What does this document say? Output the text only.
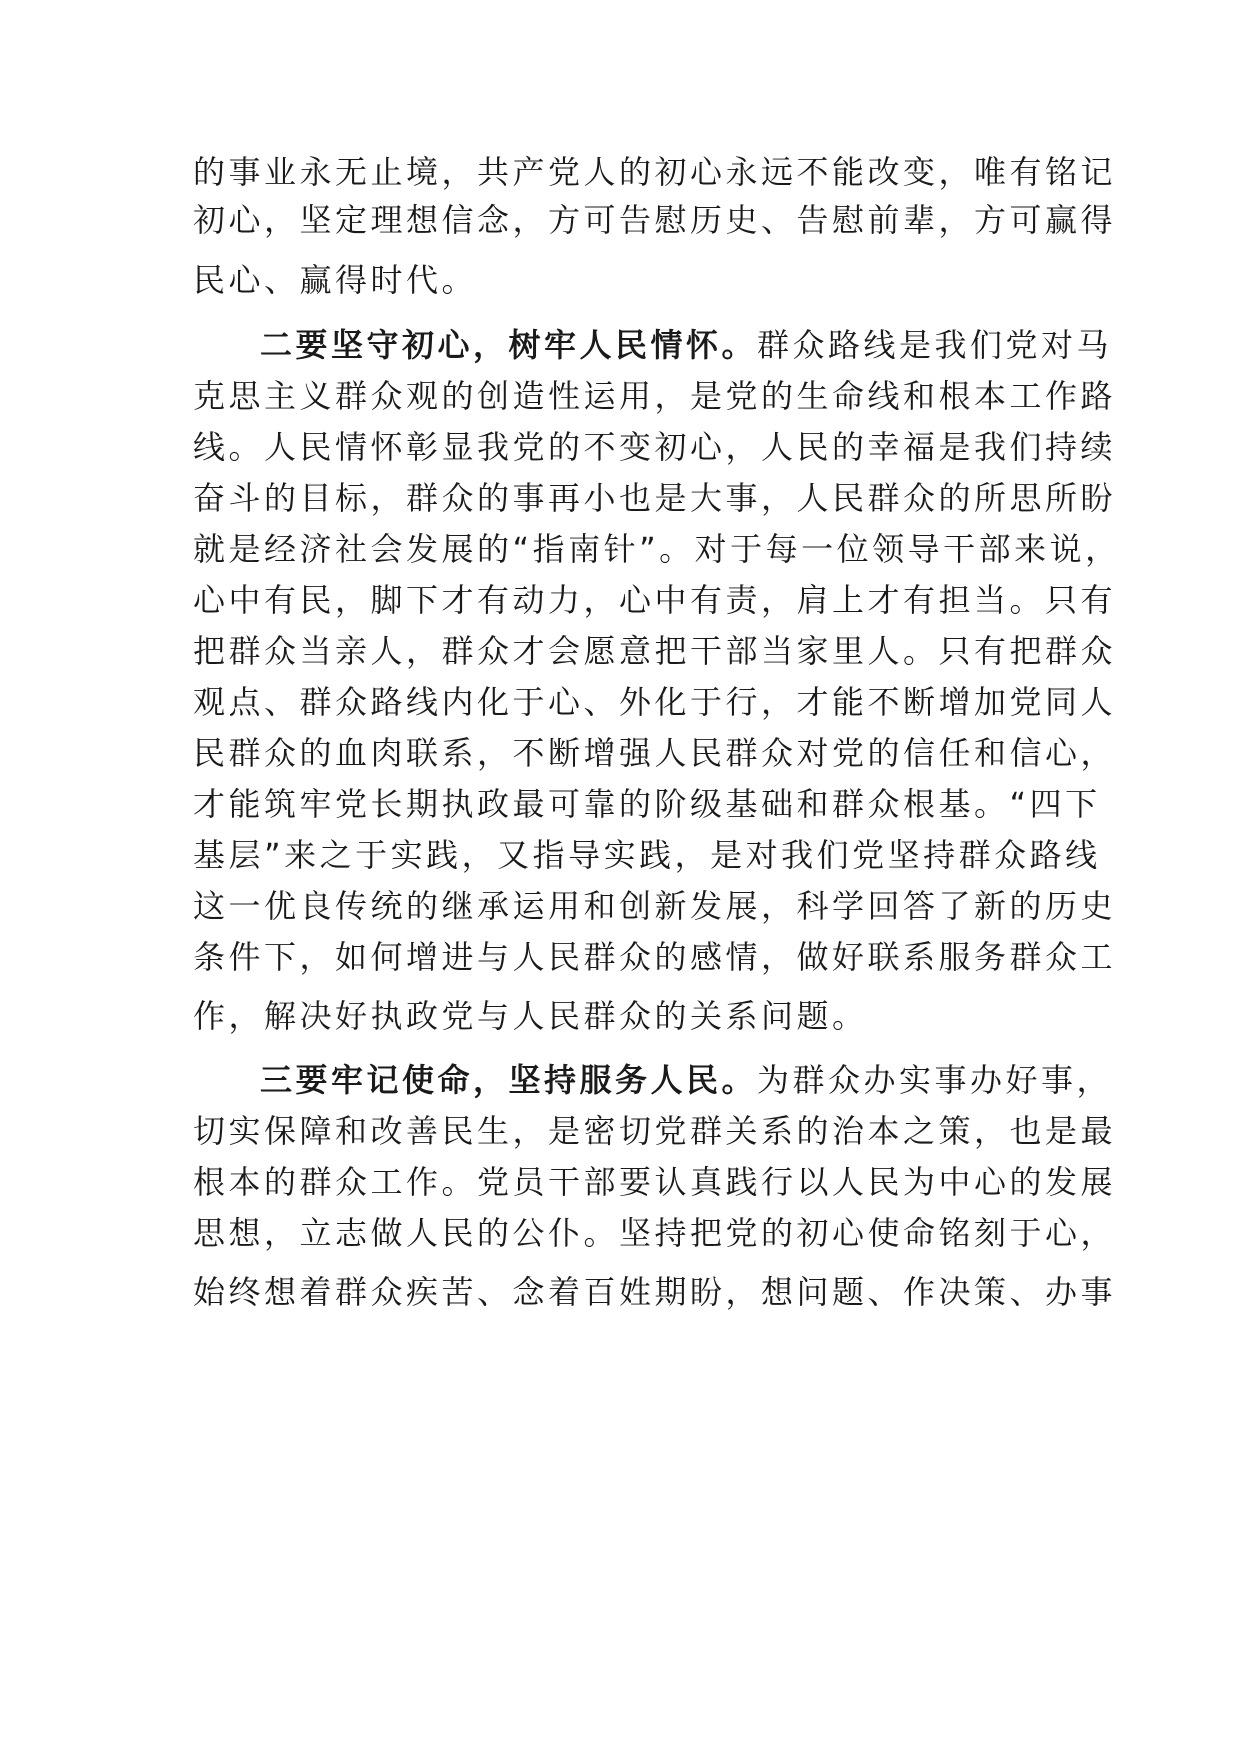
的事业永无止境，共产党人的初心永远不能改变，唯有铭记
初心，坚定理想信念，方可告慰历史、告慰前辈，方可赢得
民心、赢得时代。
二要坚守初心，树牢人民情怀。群众路线是我们党对马
克思主义群众观的创造性运用，是党的生命线和根本工作路
线。人民情怀彰显我党的不变初心，人民的幸福是我们持续
奋斗的目标，群众的事再小也是大事，人民群众的所思所盼
就是经济社会发展的“指南针”。对于每一位领导干部来说，
心中有民，脚下才有动力，心中有责，肩上才有担当。只有
把群众当亲人，群众才会愿意把干部当家里人。只有把群众
观点、群众路线内化于心、外化于行，才能不断增加党同人
民群众的血肉联系，不断增强人民群众对党的信任和信心，
才能筑牢党长期执政最可靠的阶级基础和群众根基。“四下
基层”来之于实践，又指导实践，是对我们党坚持群众路线
这一优良传统的继承运用和创新发展，科学回答了新的历史
条件下，如何增进与人民群众的感情，做好联系服务群众工
作，解决好执政党与人民群众的关系问题。
三要牢记使命，坚持服务人民。为群众办实事办好事，
切实保障和改善民生，是密切党群关系的治本之策，也是最
根本的群众工作。党员干部要认真践行以人民为中心的发展
思想，立志做人民的公仆。坚持把党的初心使命铭刻于心，
始终想着群众疾苦、念着百姓期盼，想问题、作决策、办事
